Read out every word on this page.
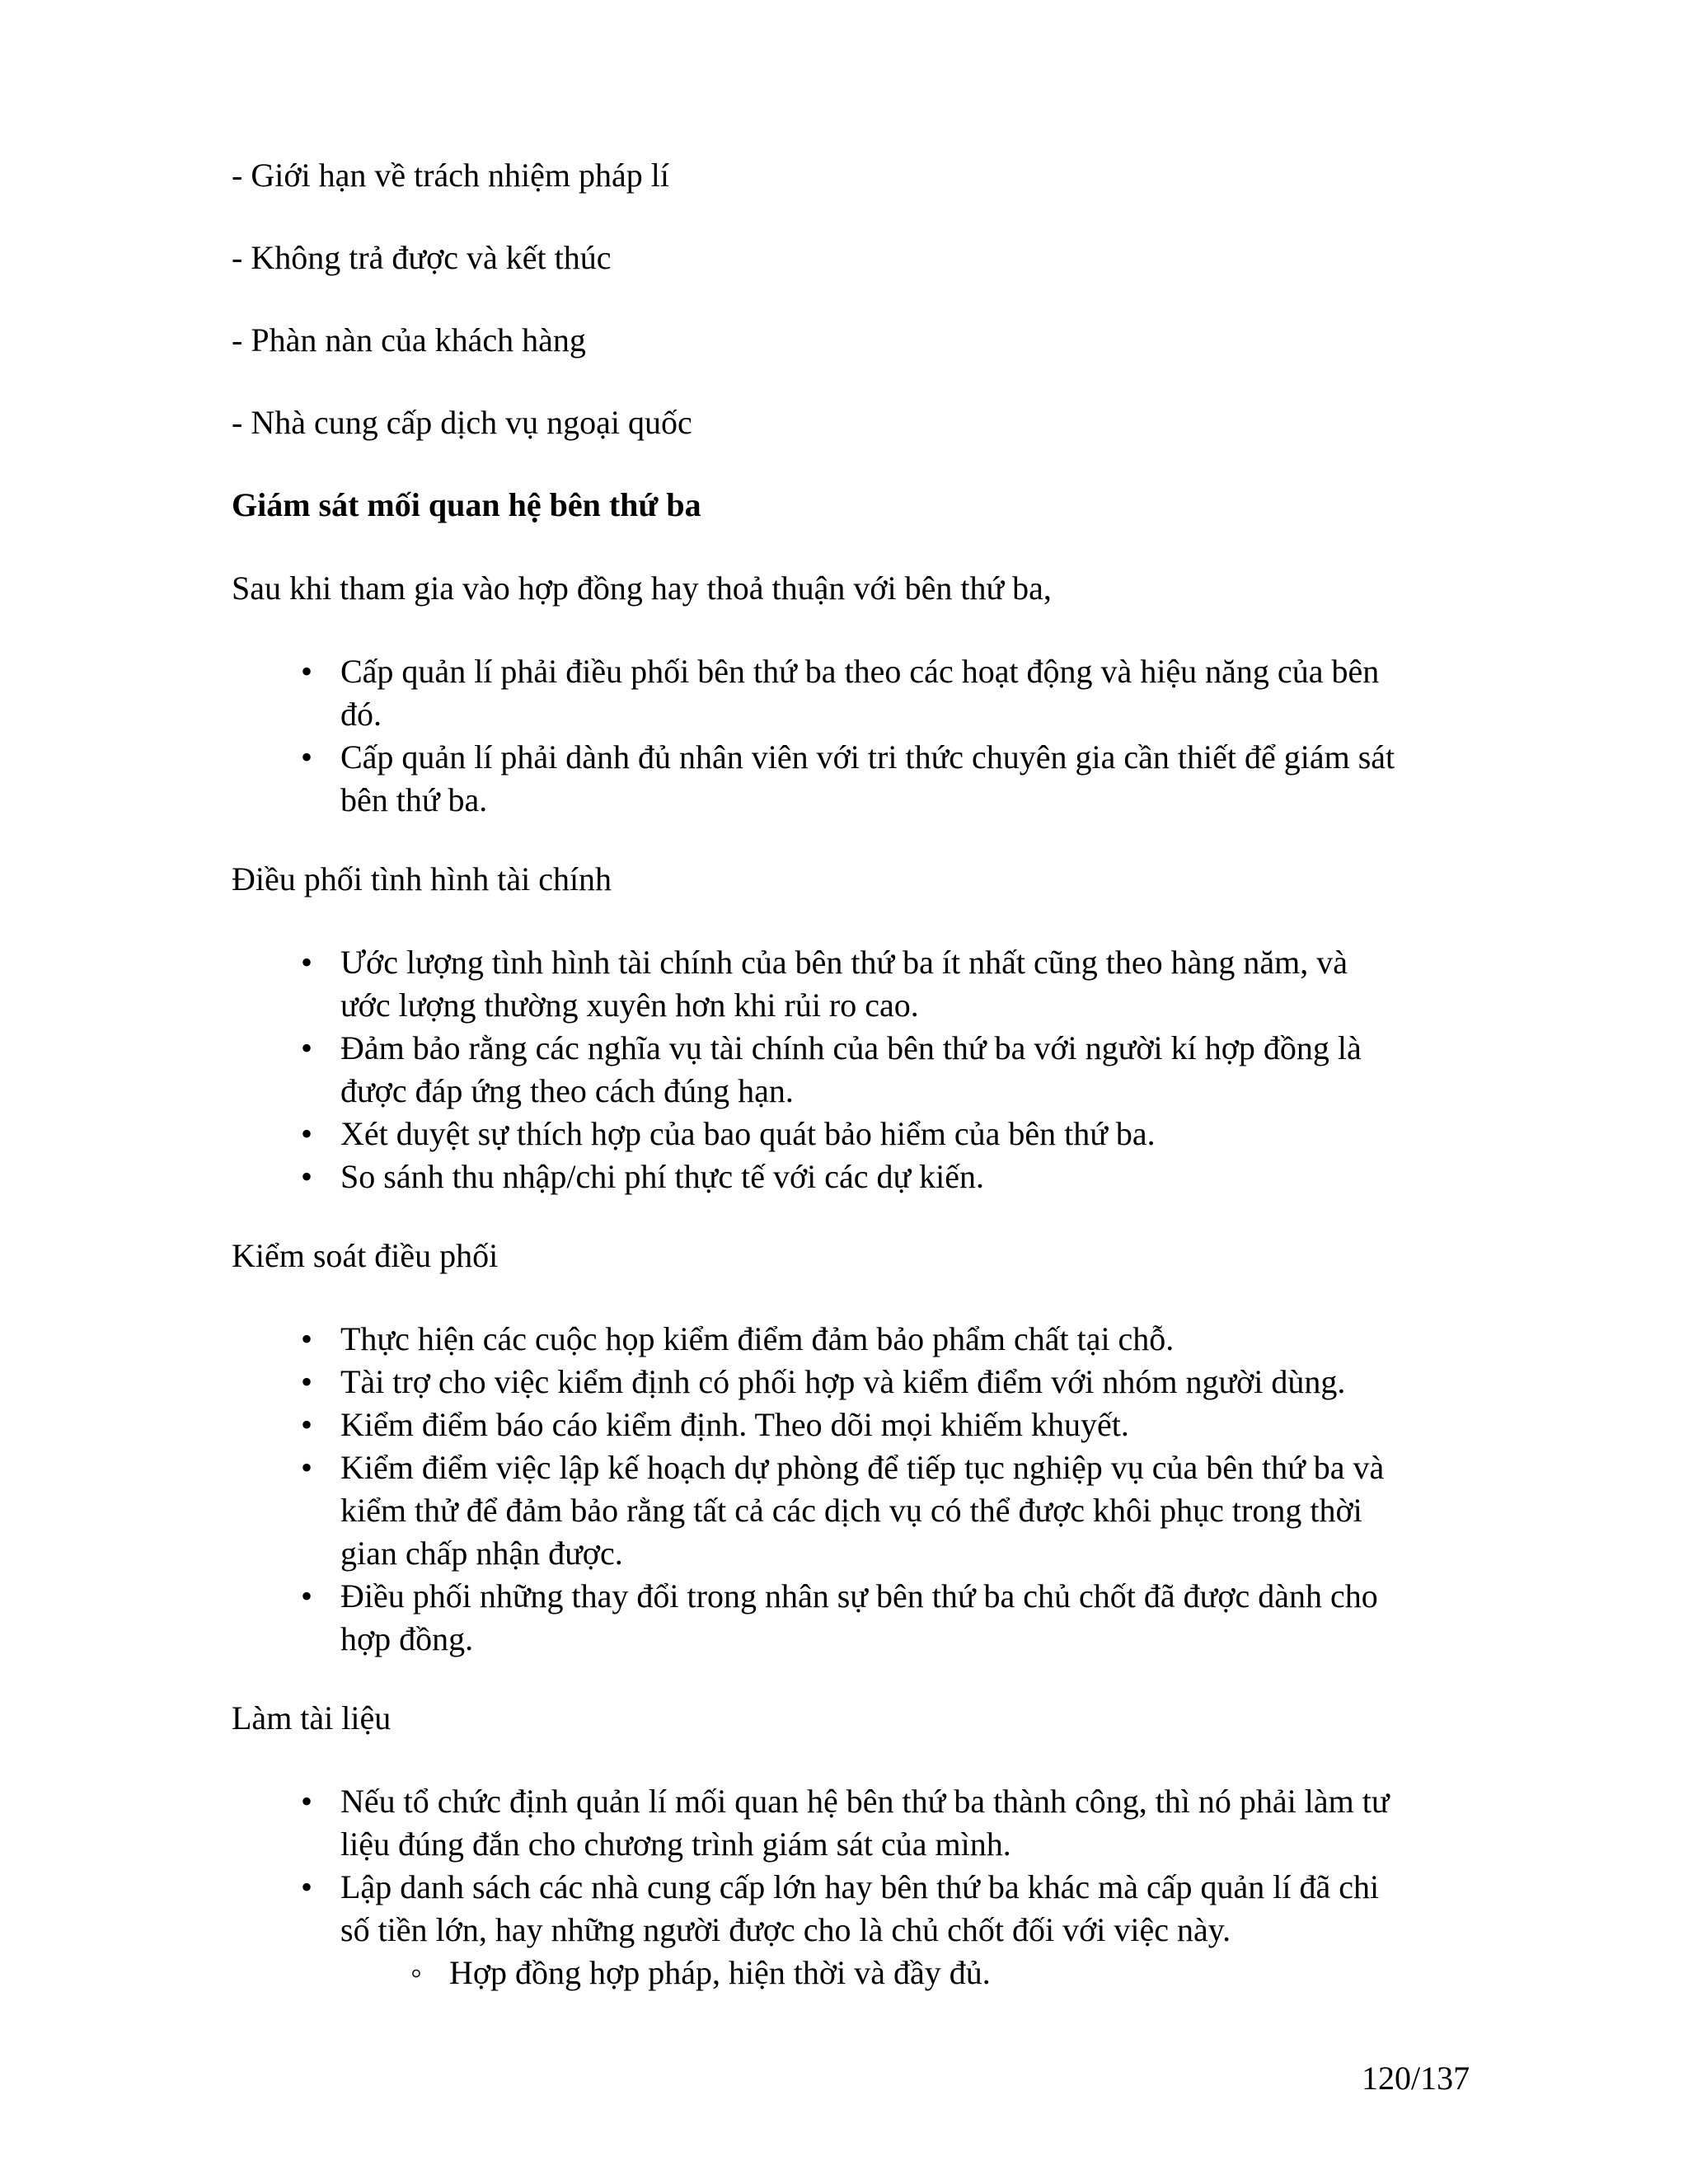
- Giới hạn về trách nhiệm pháp lí
- Không trả được và kết thúc
- Phàn nàn của khách hàng
- Nhà cung cấp dịch vụ ngoại quốc
Giám sát mối quan hệ bên thứ ba
Sau khi tham gia vào hợp đồng hay thoả thuận với bên thứ ba,
• Cấp quản lí phải điều phối bên thứ ba theo các hoạt động và hiệu năng của bên
đó.
• Cấp quản lí phải dành đủ nhân viên với tri thức chuyên gia cần thiết để giám sát
bên thứ ba.
Điều phối tình hình tài chính
• Ước lượng tình hình tài chính của bên thứ ba ít nhất cũng theo hàng năm, và
ước lượng thường xuyên hơn khi rủi ro cao.
• Đảm bảo rằng các nghĩa vụ tài chính của bên thứ ba với người kí hợp đồng là
được đáp ứng theo cách đúng hạn.
• Xét duyệt sự thích hợp của bao quát bảo hiểm của bên thứ ba.
• So sánh thu nhập/chi phí thực tế với các dự kiến.
Kiểm soát điều phối
• Thực hiện các cuộc họp kiểm điểm đảm bảo phẩm chất tại chỗ.
• Tài trợ cho việc kiểm định có phối hợp và kiểm điểm với nhóm người dùng.
• Kiểm điểm báo cáo kiểm định. Theo dõi mọi khiếm khuyết.
• Kiểm điểm việc lập kế hoạch dự phòng để tiếp tục nghiệp vụ của bên thứ ba và
kiểm thử để đảm bảo rằng tất cả các dịch vụ có thể được khôi phục trong thời
gian chấp nhận được.
• Điều phối những thay đổi trong nhân sự bên thứ ba chủ chốt đã được dành cho
hợp đồng.
Làm tài liệu
• Nếu tổ chức định quản lí mối quan hệ bên thứ ba thành công, thì nó phải làm tư
liệu đúng đắn cho chương trình giám sát của mình.
• Lập danh sách các nhà cung cấp lớn hay bên thứ ba khác mà cấp quản lí đã chi
số tiền lớn, hay những người được cho là chủ chốt đối với việc này.
◦ Hợp đồng hợp pháp, hiện thời và đầy đủ.
120/137
